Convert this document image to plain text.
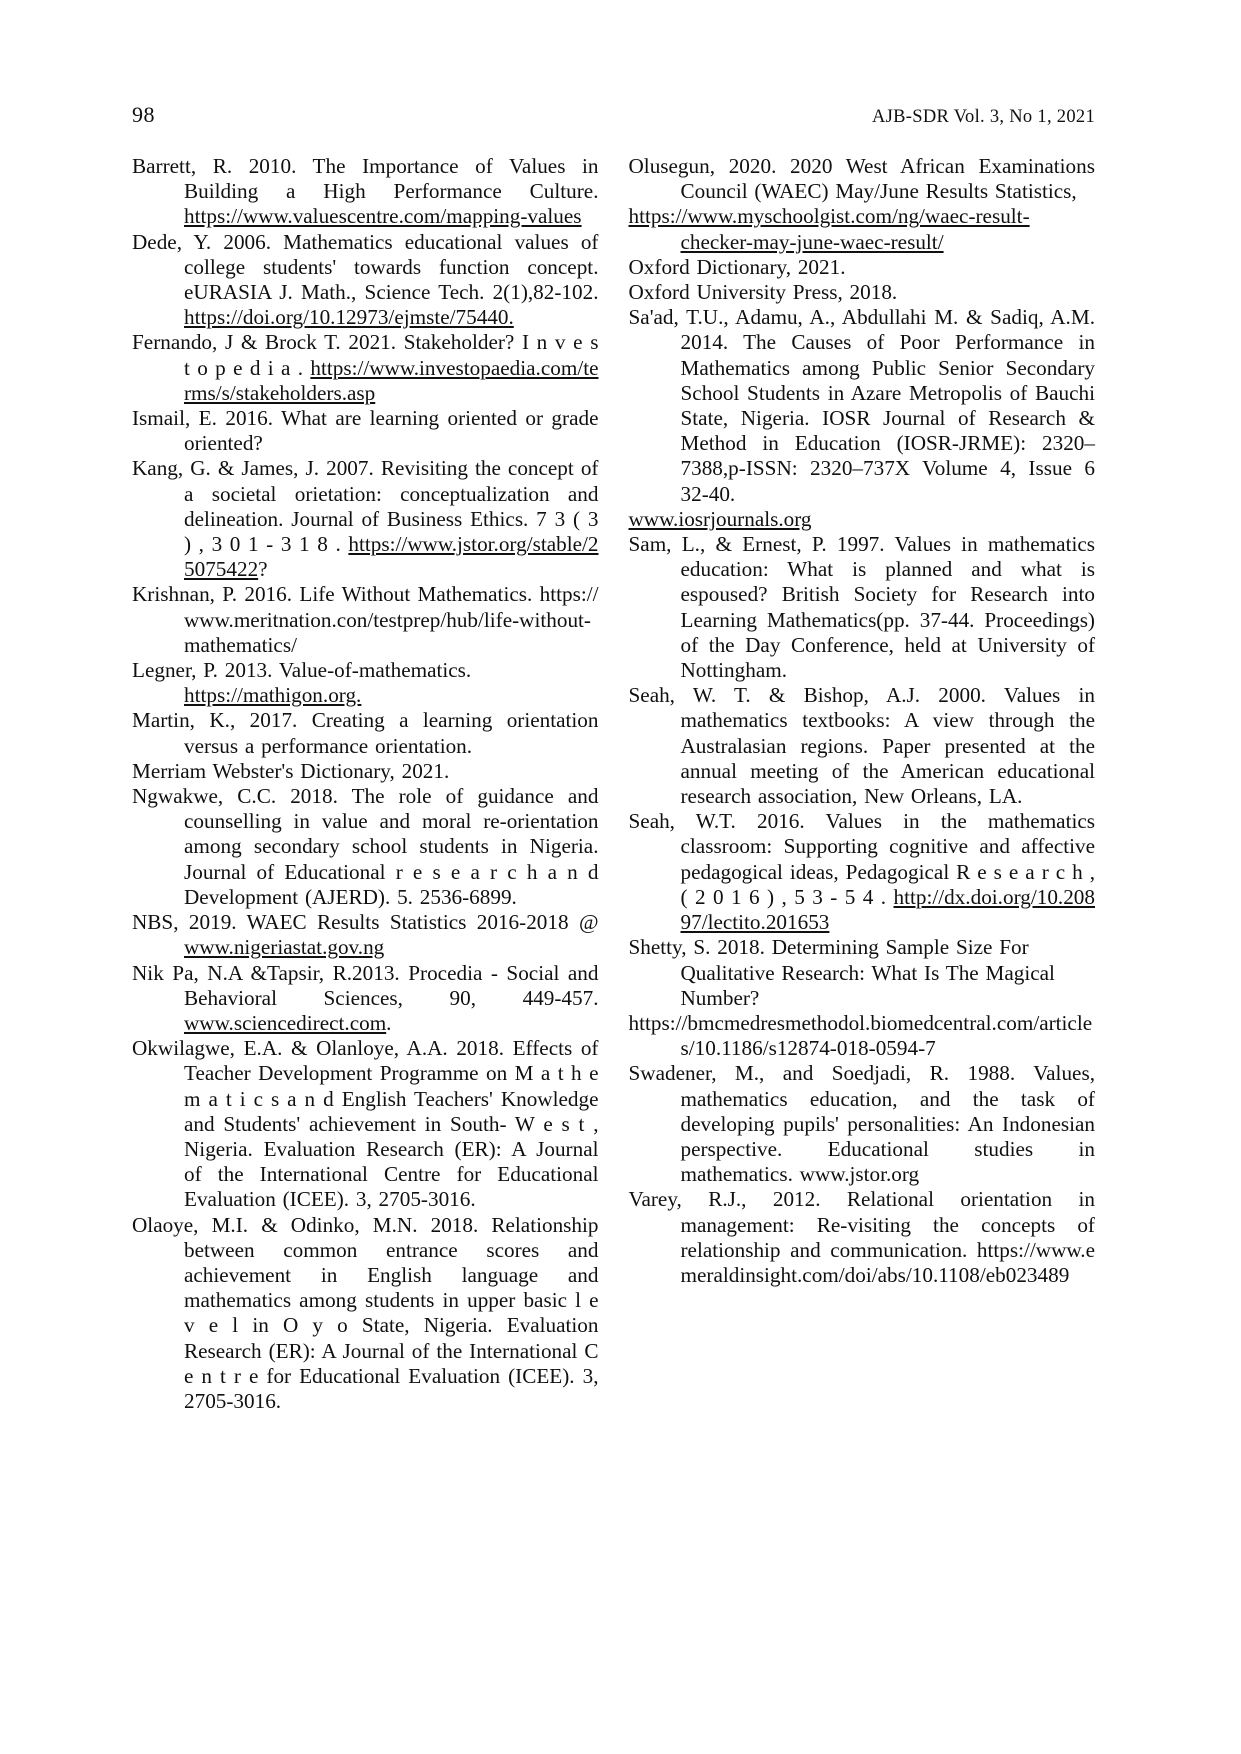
98	AJB-SDR Vol. 3, No 1, 2021

Barrett, R. 2010. The Importance of Values in Building a High Performance Culture. https://www.valuescentre.com/mapping-values

Dede, Y. 2006. Mathematics educational values of college students' towards function concept. eURASIA J. Math., Science Tech. 2(1),82-102. https://doi.org/10.12973/ejmste/75440.

Fernando, J & Brock T. 2021. Stakeholder? I n v e s t o p e d i a . https://www.investopaedia.com/terms/s/stakeholders.asp

Ismail, E. 2016. What are learning oriented or grade oriented?

Kang, G. & James, J. 2007. Revisiting the concept of a societal orietation: conceptualization and delineation. Journal of Business Ethics. 7 3 ( 3 ) , 3 0 1 - 3 1 8 . https://www.jstor.org/stable/25075422?

Krishnan, P. 2016. Life Without Mathematics. https://www.meritnation.con/testprep/hub/life-without-mathematics/

Legner, P. 2013. Value-of-mathematics. https://mathigon.org.

Martin, K., 2017. Creating a learning orientation versus a performance orientation.

Merriam Webster's Dictionary, 2021.

Ngwakwe, C.C. 2018. The role of guidance and counselling in value and moral re-orientation among secondary school students in Nigeria. Journal of Educational r e s e a r c h a n d Development (AJERD). 5. 2536-6899.

NBS, 2019. WAEC Results Statistics 2016-2018 @ www.nigeriastat.gov.ng

Nik Pa, N.A &Tapsir, R.2013. Procedia - Social and Behavioral Sciences, 90, 449-457. www.sciencedirect.com.

Okwilagwe, E.A. & Olanloye, A.A. 2018. Effects of Teacher Development Programme on M a t h e m a t i c s a n d English Teachers' Knowledge and Students' achievement in South- W e s t , Nigeria. Evaluation Research (ER): A Journal of the International Centre for Educational Evaluation (ICEE). 3, 2705-3016.

Olaoye, M.I. & Odinko, M.N. 2018. Relationship between common entrance scores and achievement in English language and mathematics among students in upper basic l e v e l in O y o State, Nigeria. Evaluation Research (ER): A Journal of the International C e n t r e for Educational Evaluation (ICEE). 3, 2705-3016.

Olusegun, 2020. 2020 West African Examinations Council (WAEC) May/June Results Statistics,

https://www.myschoolgist.com/ng/waec-result-checker-may-june-waec-result/

Oxford Dictionary, 2021.

Oxford University Press, 2018.

Sa'ad, T.U., Adamu, A., Abdullahi M. & Sadiq, A.M. 2014. The Causes of Poor Performance in Mathematics among Public Senior Secondary School Students in Azare Metropolis of Bauchi State, Nigeria. IOSR Journal of Research & Method in Education (IOSR-JRME): 2320–7388,p-ISSN: 2320–737X Volume 4, Issue 6 32-40.

www.iosrjournals.org

Sam, L., & Ernest, P. 1997. Values in mathematics education: What is planned and what is espoused? British Society for Research into Learning Mathematics(pp. 37-44. Proceedings) of the Day Conference, held at University of Nottingham.

Seah, W. T. & Bishop, A.J. 2000. Values in mathematics textbooks: A view through the Australasian regions. Paper presented at the annual meeting of the American educational research association, New Orleans, LA.

Seah, W.T. 2016. Values in the mathematics classroom: Supporting cognitive and affective pedagogical ideas, Pedagogical R e s e a r c h , ( 2 0 1 6 ) , 5 3 - 5 4 . http://dx.doi.org/10.20897/lectito.201653

Shetty, S. 2018. Determining Sample Size For Qualitative Research: What Is The Magical Number?

https://bmcmedresmethodol.biomedcentral.com/articles/10.1186/s12874-018-0594-7

Swadener, M., and Soedjadi, R. 1988. Values, mathematics education, and the task of developing pupils' personalities: An Indonesian perspective. Educational studies in mathematics. www.jstor.org

Varey, R.J., 2012. Relational orientation in management: Re-visiting the concepts of relationship and communication. https://www.emeraldinsight.com/doi/abs/10.1108/eb023489
